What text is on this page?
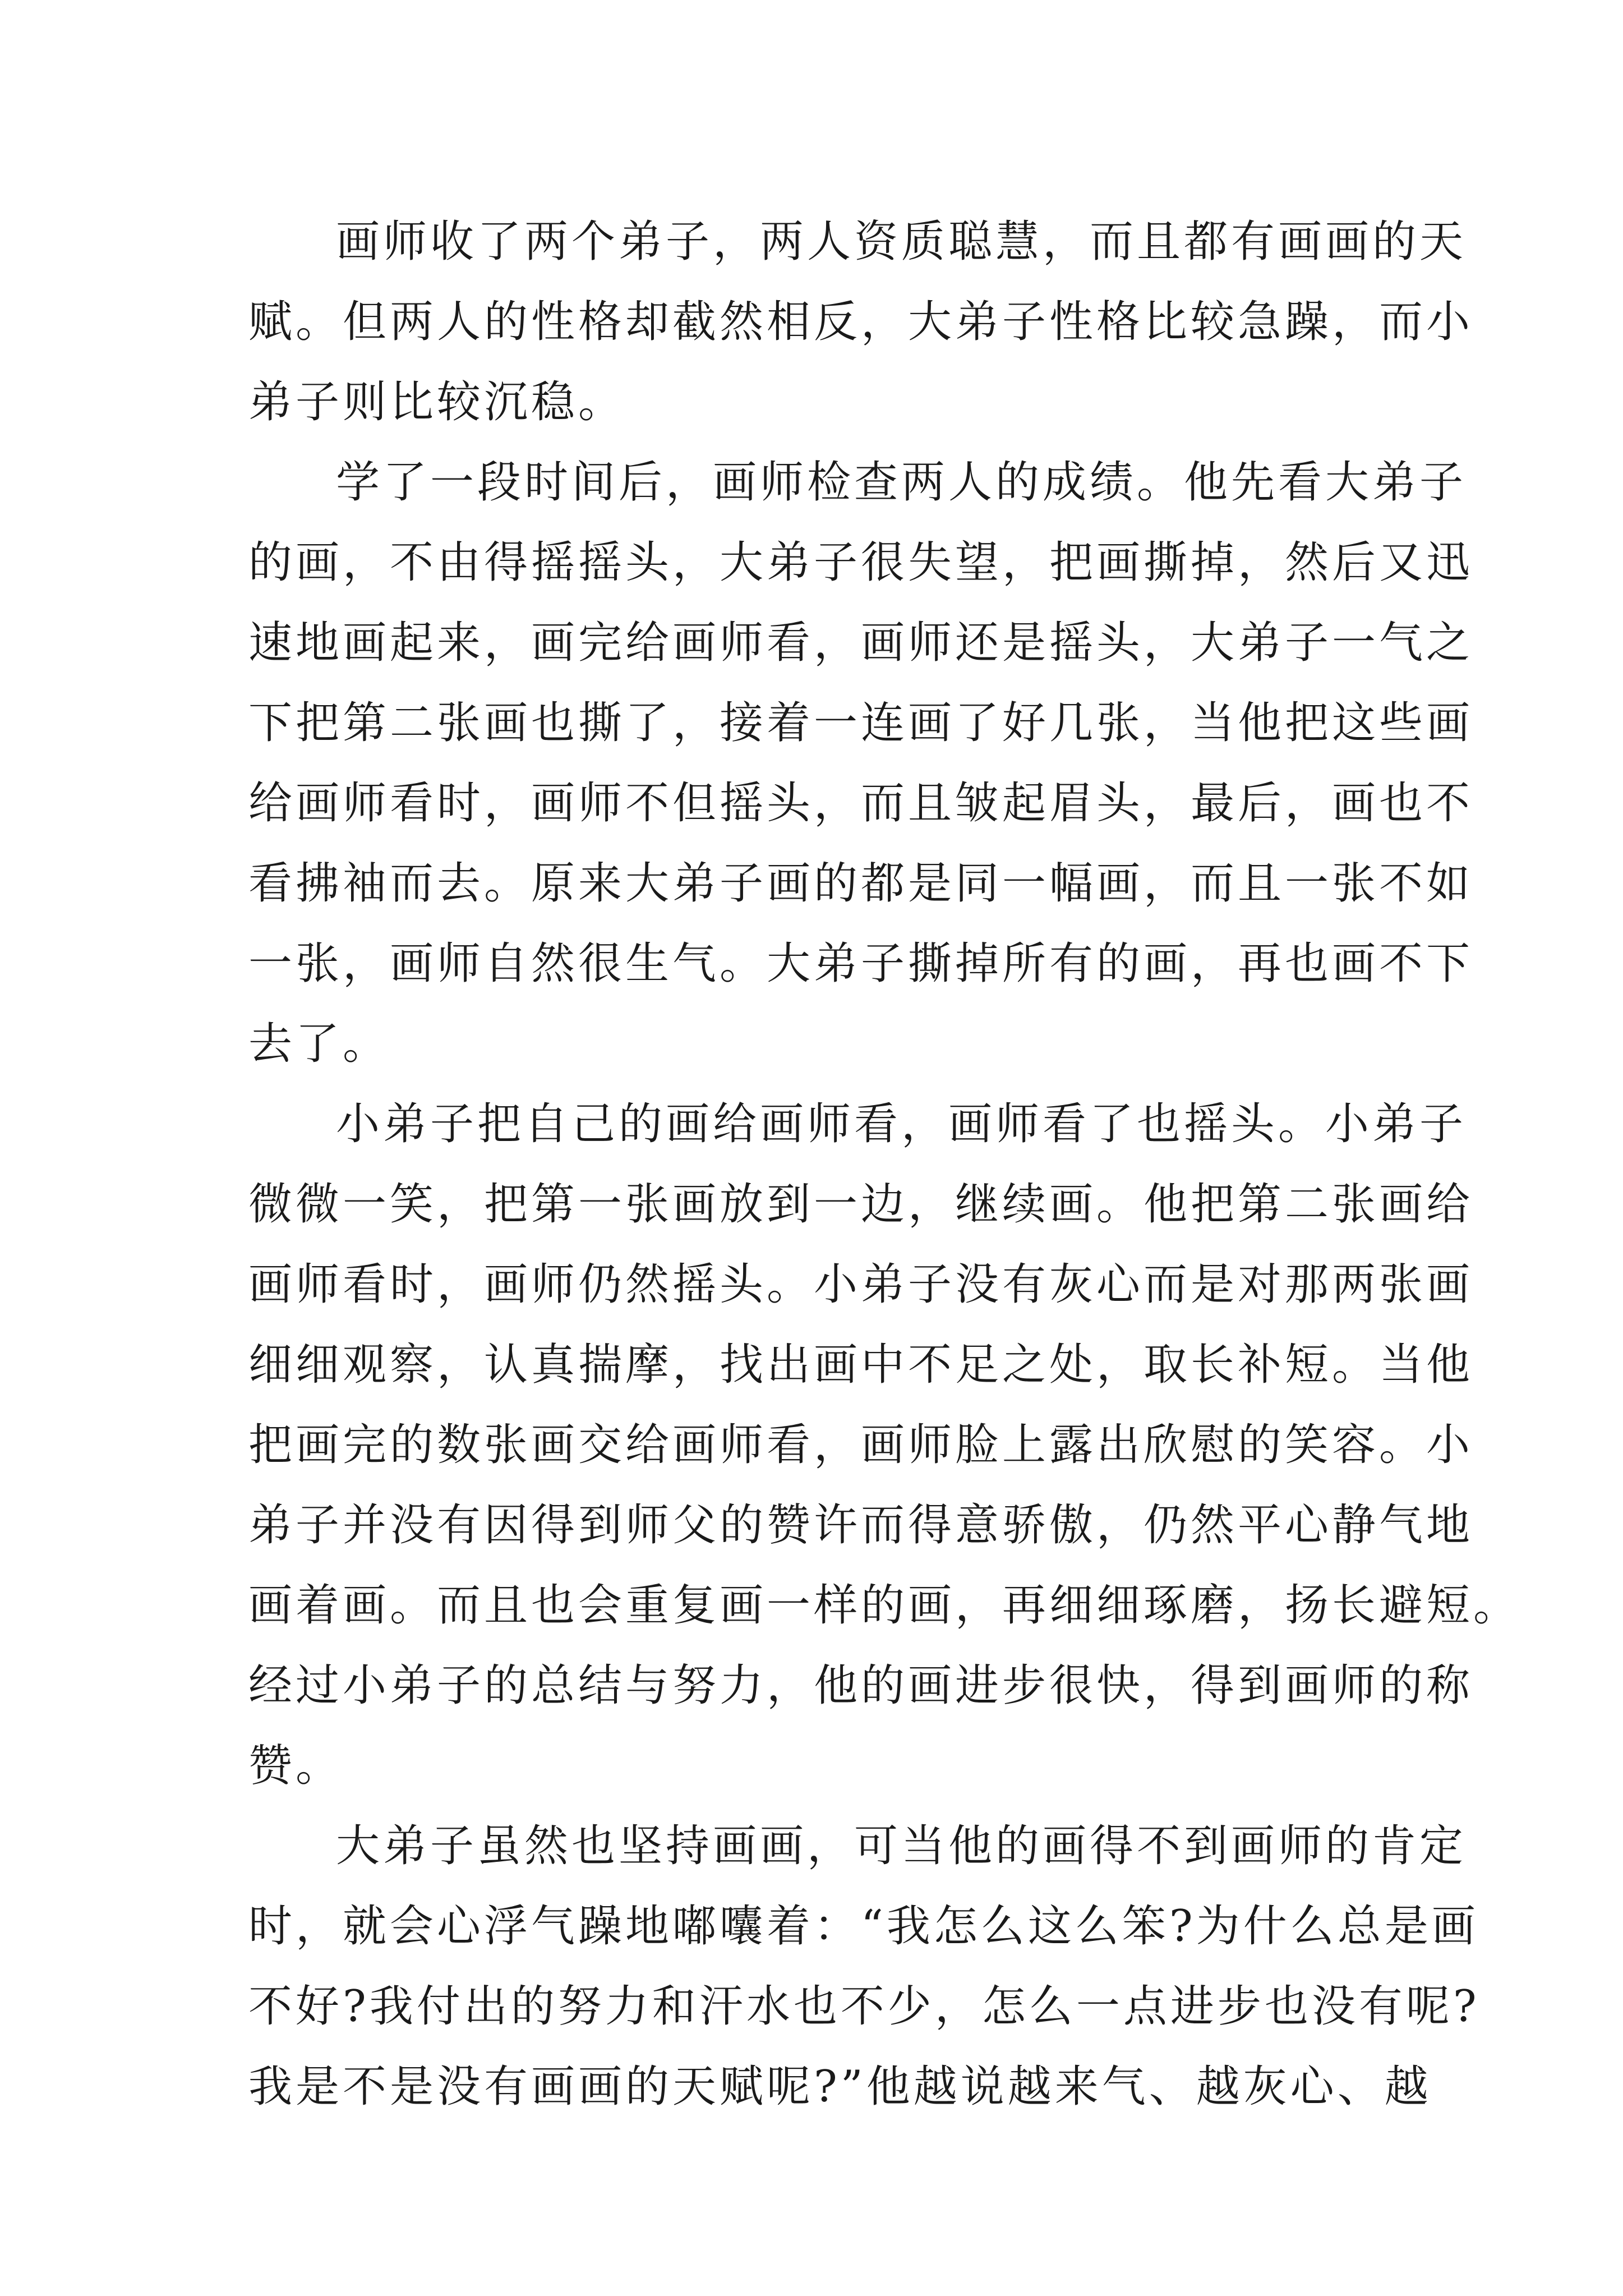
画师收了两个弟子，两人资质聪慧，而且都有画画的天
赋。但两人的性格却截然相反，大弟子性格比较急躁，而小
弟子则比较沉稳。
学了一段时间后，画师检查两人的成绩。他先看大弟子
的画，不由得摇摇头，大弟子很失望，把画撕掉，然后又迅
速地画起来，画完给画师看，画师还是摇头，大弟子一气之
下把第二张画也撕了，接着一连画了好几张，当他把这些画
给画师看时，画师不但摇头，而且皱起眉头，最后，画也不
看拂袖而去。原来大弟子画的都是同一幅画，而且一张不如
一张，画师自然很生气。大弟子撕掉所有的画，再也画不下
去了。
小弟子把自己的画给画师看，画师看了也摇头。小弟子
微微一笑，把第一张画放到一边，继续画。他把第二张画给
画师看时，画师仍然摇头。小弟子没有灰心而是对那两张画
细细观察，认真揣摩，找出画中不足之处，取长补短。当他
把画完的数张画交给画师看，画师脸上露出欣慰的笑容。小
弟子并没有因得到师父的赞许而得意骄傲，仍然平心静气地
画着画。而且也会重复画一样的画，再细细琢磨，扬长避短。
经过小弟子的总结与努力，他的画进步很快，得到画师的称
赞。
大弟子虽然也坚持画画，可当他的画得不到画师的肯定
时，就会心浮气躁地嘟囔着：“我怎么这么笨?为什么总是画
不好?我付出的努力和汗水也不少，怎么一点进步也没有呢?
我是不是没有画画的天赋呢?”他越说越来气、越灰心、越
